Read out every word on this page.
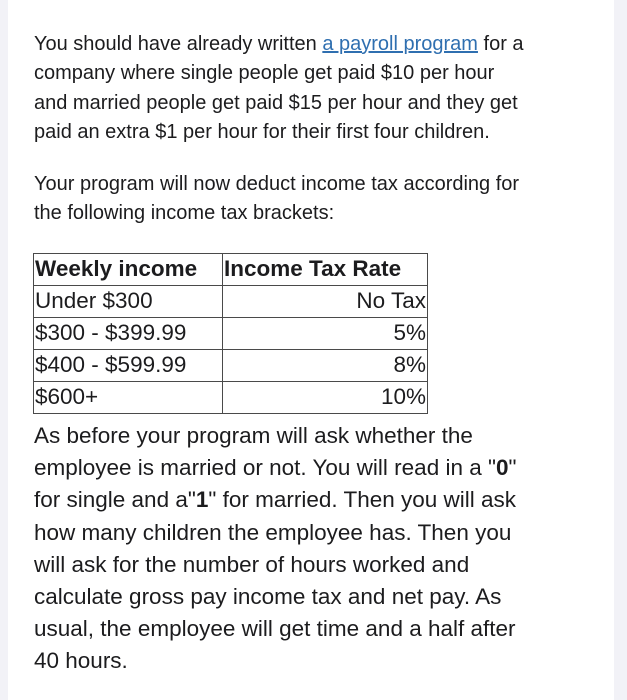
You should have already written a payroll program for a
company where single people get paid $10 per hour
and married people get paid $15 per hour and they get
paid an extra $1 per hour for their first four children.

Your program will now deduct income tax according for
the following income tax brackets:

Weekly income	Income Tax Rate
Under $300	No Tax
$300 - $399.99	5%
$400 - $599.99	8%
$600+	10%

As before your program will ask whether the
employee is married or not. You will read in a "0"
for single and a"1" for married. Then you will ask
how many children the employee has. Then you
will ask for the number of hours worked and
calculate gross pay income tax and net pay. As
usual, the employee will get time and a half after
40 hours.
